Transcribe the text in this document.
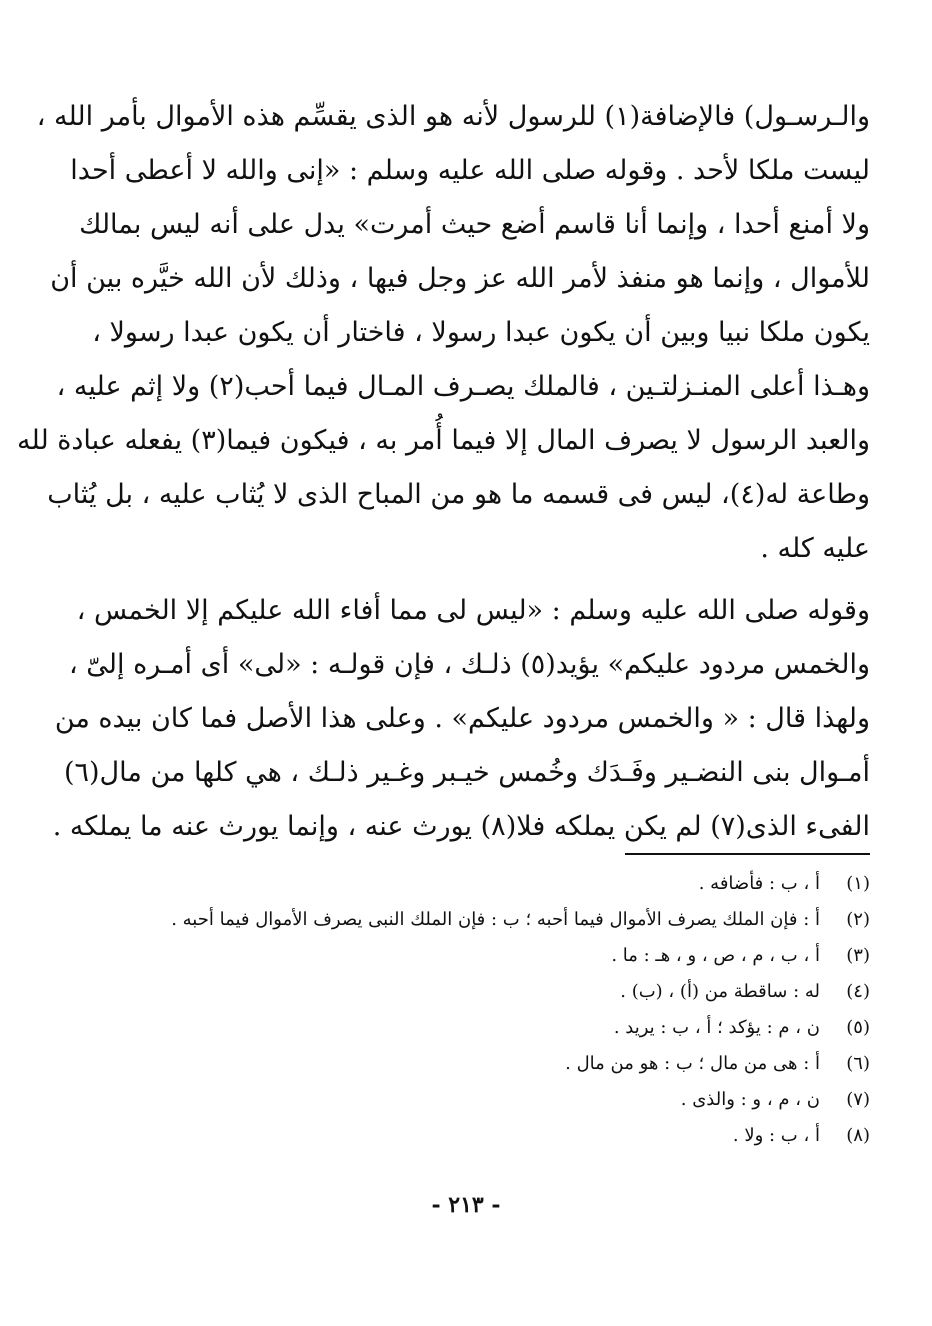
والـرسـول) فالإضافة(١) للرسول لأنه هو الذى يقسِّم هذه الأموال بأمر الله ،
ليست ملكا لأحد . وقوله صلى الله عليه وسلم : «إنى والله لا أعطى أحدا
ولا أمنع أحدا ، وإنما أنا قاسم أضع حيث أمرت» يدل على أنه ليس بمالك
للأموال ، وإنما هو منفذ لأمر الله عز وجل فيها ، وذلك لأن الله خيَّره بين أن
يكون ملكا نبيا وبين أن يكون عبدا رسولا ، فاختار أن يكون عبدا رسولا ،
وهـذا أعلى المنـزلتـين ، فالملك يصـرف المـال فيما أحب(٢) ولا إثم عليه ،
والعبد الرسول لا يصرف المال إلا فيما أُمر به ، فيكون فيما(٣) يفعله عبادة لله
وطاعة له(٤)، ليس فى قسمه ما هو من المباح الذى لا يُثاب عليه ، بل يُثاب
عليه كله .
وقوله صلى الله عليه وسلم : «ليس لى مما أفاء الله عليكم إلا الخمس ،
والخمس مردود عليكم» يؤيد(٥) ذلـك ، فإن قولـه : «لى» أى أمـره إلىّ ،
ولهذا قال : « والخمس مردود عليكم» . وعلى هذا الأصل فما كان بيده من
أمـوال بنى النضـير وفَـدَك وخُمس خيـبر وغـير ذلـك ، هي كلها من مال(٦)
الفىء الذى(٧) لم يكن يملكه فلا(٨) يورث عنه ، وإنما يورث عنه ما يملكه .
(١)
أ ، ب : فأضافه .
(٢)
أ : فإن الملك يصرف الأموال فيما أحبه ؛ ب : فإن الملك النبى يصرف الأموال فيما أحبه .
(٣)
أ ، ب ، م ، ص ، و ، هـ : ما .
(٤)
له : ساقطة من (أ) ، (ب) .
(٥)
ن ، م : يؤكد ؛ أ ، ب : يريد .
(٦)
أ : هى من مال ؛ ب : هو من مال .
(٧)
ن ، م ، و : والذى .
(٨)
أ ، ب : ولا .
- ٢١٣ -
